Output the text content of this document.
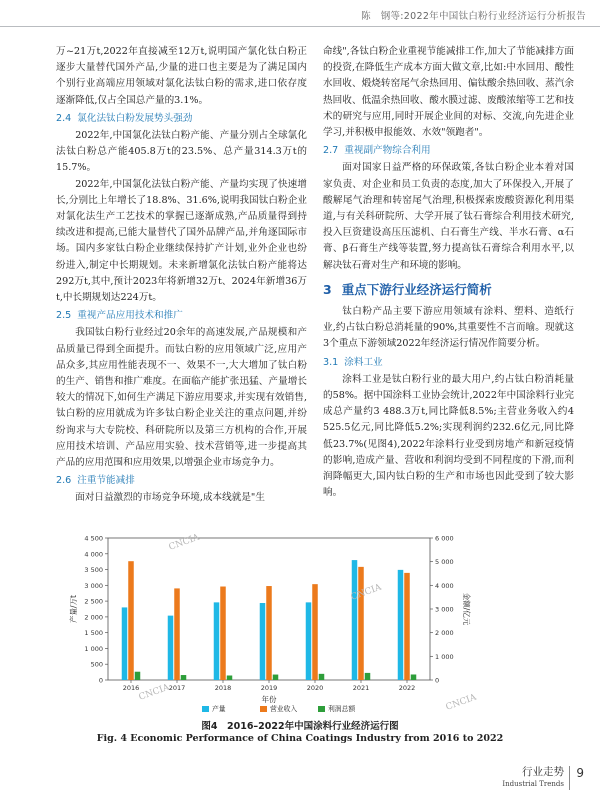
陈　钢等:2022年中国钛白粉行业经济运行分析报告

万~21万t,2022年直接减至12万t,说明国产氯化钛白粉正逐步大量替代国外产品,少量的进口也主要是为了满足国内个别行业高端应用领域对氯化法钛白粉的需求,进口依存度逐渐降低,仅占全国总产量的3.1%。

2.4 氯化法钛白粉发展势头强劲

2022年,中国氯化法钛白粉产能、产量分别占全球氯化法钛白粉总产能405.8万t的23.5%、总产量314.3万t的15.7%。

2022年,中国氯化法钛白粉产能、产量均实现了快速增长,分别比上年增长了18.8%、31.6%,说明我国钛白粉企业对氯化法生产工艺技术的掌握已逐渐成熟,产品质量得到持续改进和提高,已能大量替代了国外品牌产品,并角逐国际市场。国内多家钛白粉企业继续保持扩产计划,业外企业也纷纷进入,制定中长期规划。未来新增氯化法钛白粉产能将达292万t,其中,预计2023年将新增32万t、2024年新增36万t,中长期规划达224万t。

2.5 重视产品应用技术和推广

我国钛白粉行业经过20余年的高速发展,产品规模和产品质量已得到全面提升。而钛白粉的应用领域广泛,应用产品众多,其应用性能表现不一、效果不一,大大增加了钛白粉的生产、销售和推广难度。在面临产能扩张迅猛、产量增长较大的情况下,如何生产满足下游应用要求,并实现有效销售,钛白粉的应用就成为许多钛白粉企业关注的重点问题,并纷纷询求与大专院校、科研院所以及第三方机构的合作,开展应用技术培训、产品应用实验、技术营销等,进一步提高其产品的应用范围和应用效果,以增强企业市场竞争力。

2.6 注重节能减排

面对日益激烈的市场竞争环境,成本线就是"生

命线",各钛白粉企业重视节能减排工作,加大了节能减排方面的投资,在降低生产成本方面大做文章,比如:中水回用、酸性水回收、煅烧转窑尾气余热回用、偏钛酸余热回收、蒸汽余热回收、低温余热回收、酸水膜过滤、废酸浓缩等工艺和技术的研究与应用,同时开展企业间的对标、交流,向先进企业学习,并积极申报能效、水效"领跑者"。

2.7 重视副产物综合利用

面对国家日益严格的环保政策,各钛白粉企业本着对国家负责、对企业和员工负责的态度,加大了环保投入,开展了酸解尾气治理和转窑尾气治理,积极探索废酸资源化利用渠道,与有关科研院所、大学开展了钛石膏综合利用技术研究,投入巨资建设高压压滤机、白石膏生产线、半水石膏、α石膏、β石膏生产线等装置,努力提高钛石膏综合利用水平,以解决钛石膏对生产和环境的影响。

3 重点下游行业经济运行简析

钛白粉产品主要下游应用领域有涂料、塑料、造纸行业,约占钛白粉总消耗量的90%,其重要性不言而喻。现就这3个重点下游领域2022年经济运行情况作简要分析。

3.1 涂料工业

涂料工业是钛白粉行业的最大用户,约占钛白粉消耗量的58%。据中国涂料工业协会统计,2022年中国涂料行业完成总产量约3 488.3万t,同比降低8.5%;主营业务收入约4 525.5亿元,同比降低5.2%;实现利润约232.6亿元,同比降低23.7%(见图4),2022年涂料行业受到房地产和新冠疫情的影响,造成产量、营收和利润均受到不同程度的下滑,而利润降幅更大,国内钛白粉的生产和市场也因此受到了较大影响。

0
500
1 000
1 500
2 000
2 500
3 000
3 500
4 000
4 500
0
1 000
2 000
3 000
4 000
5 000
6 000
产量/万t	金额/亿元
2016	2017	2018	2019	2020	2021	2022
年份
产量	营业收入	利润总额
CNCIA
CNCIA
CNCIA	CNCIA
图4　2016–2022年中国涂料行业经济运行图
Fig. 4 Economic Performance of China Coatings Industry from 2016 to 2022
行业走势
Industrial Trends
9
